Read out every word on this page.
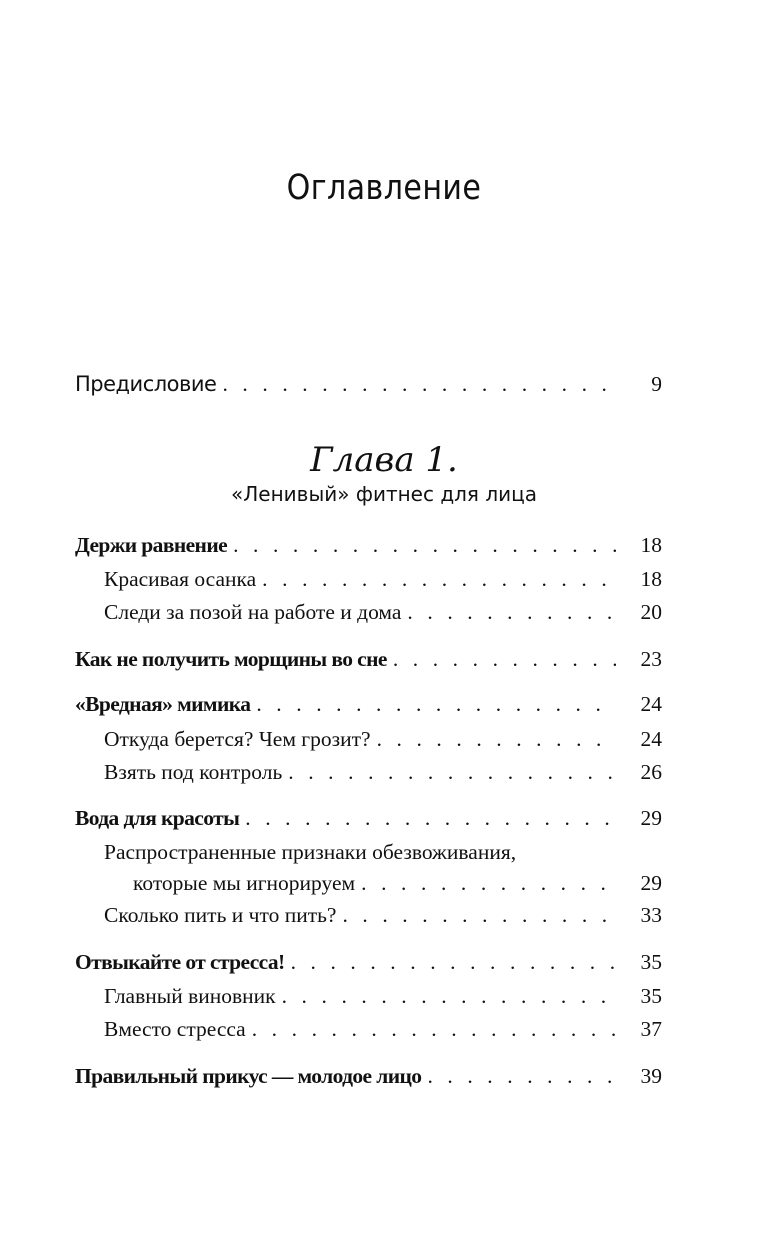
Оглавление
Предисловие . . .	9
Глава 1.
«Ленивый» фитнес для лица
Держи равнение . . .	18
Красивая осанка . . .	18
Следи за позой на работе и дома . . .	20
Как не получить морщины во сне . . .	23
«Вредная» мимика . . .	24
Откуда берется? Чем грозит? . . .	24
Взять под контроль . . .	26
Вода для красоты . . .	29
Распространенные признаки обезвоживания,
которые мы игнорируем . . .	29
Сколько пить и что пить? . . .	33
Отвыкайте от стресса! . . .	35
Главный виновник . . .	35
Вместо стресса . . .	37
Правильный прикус — молодое лицо . . .	39
